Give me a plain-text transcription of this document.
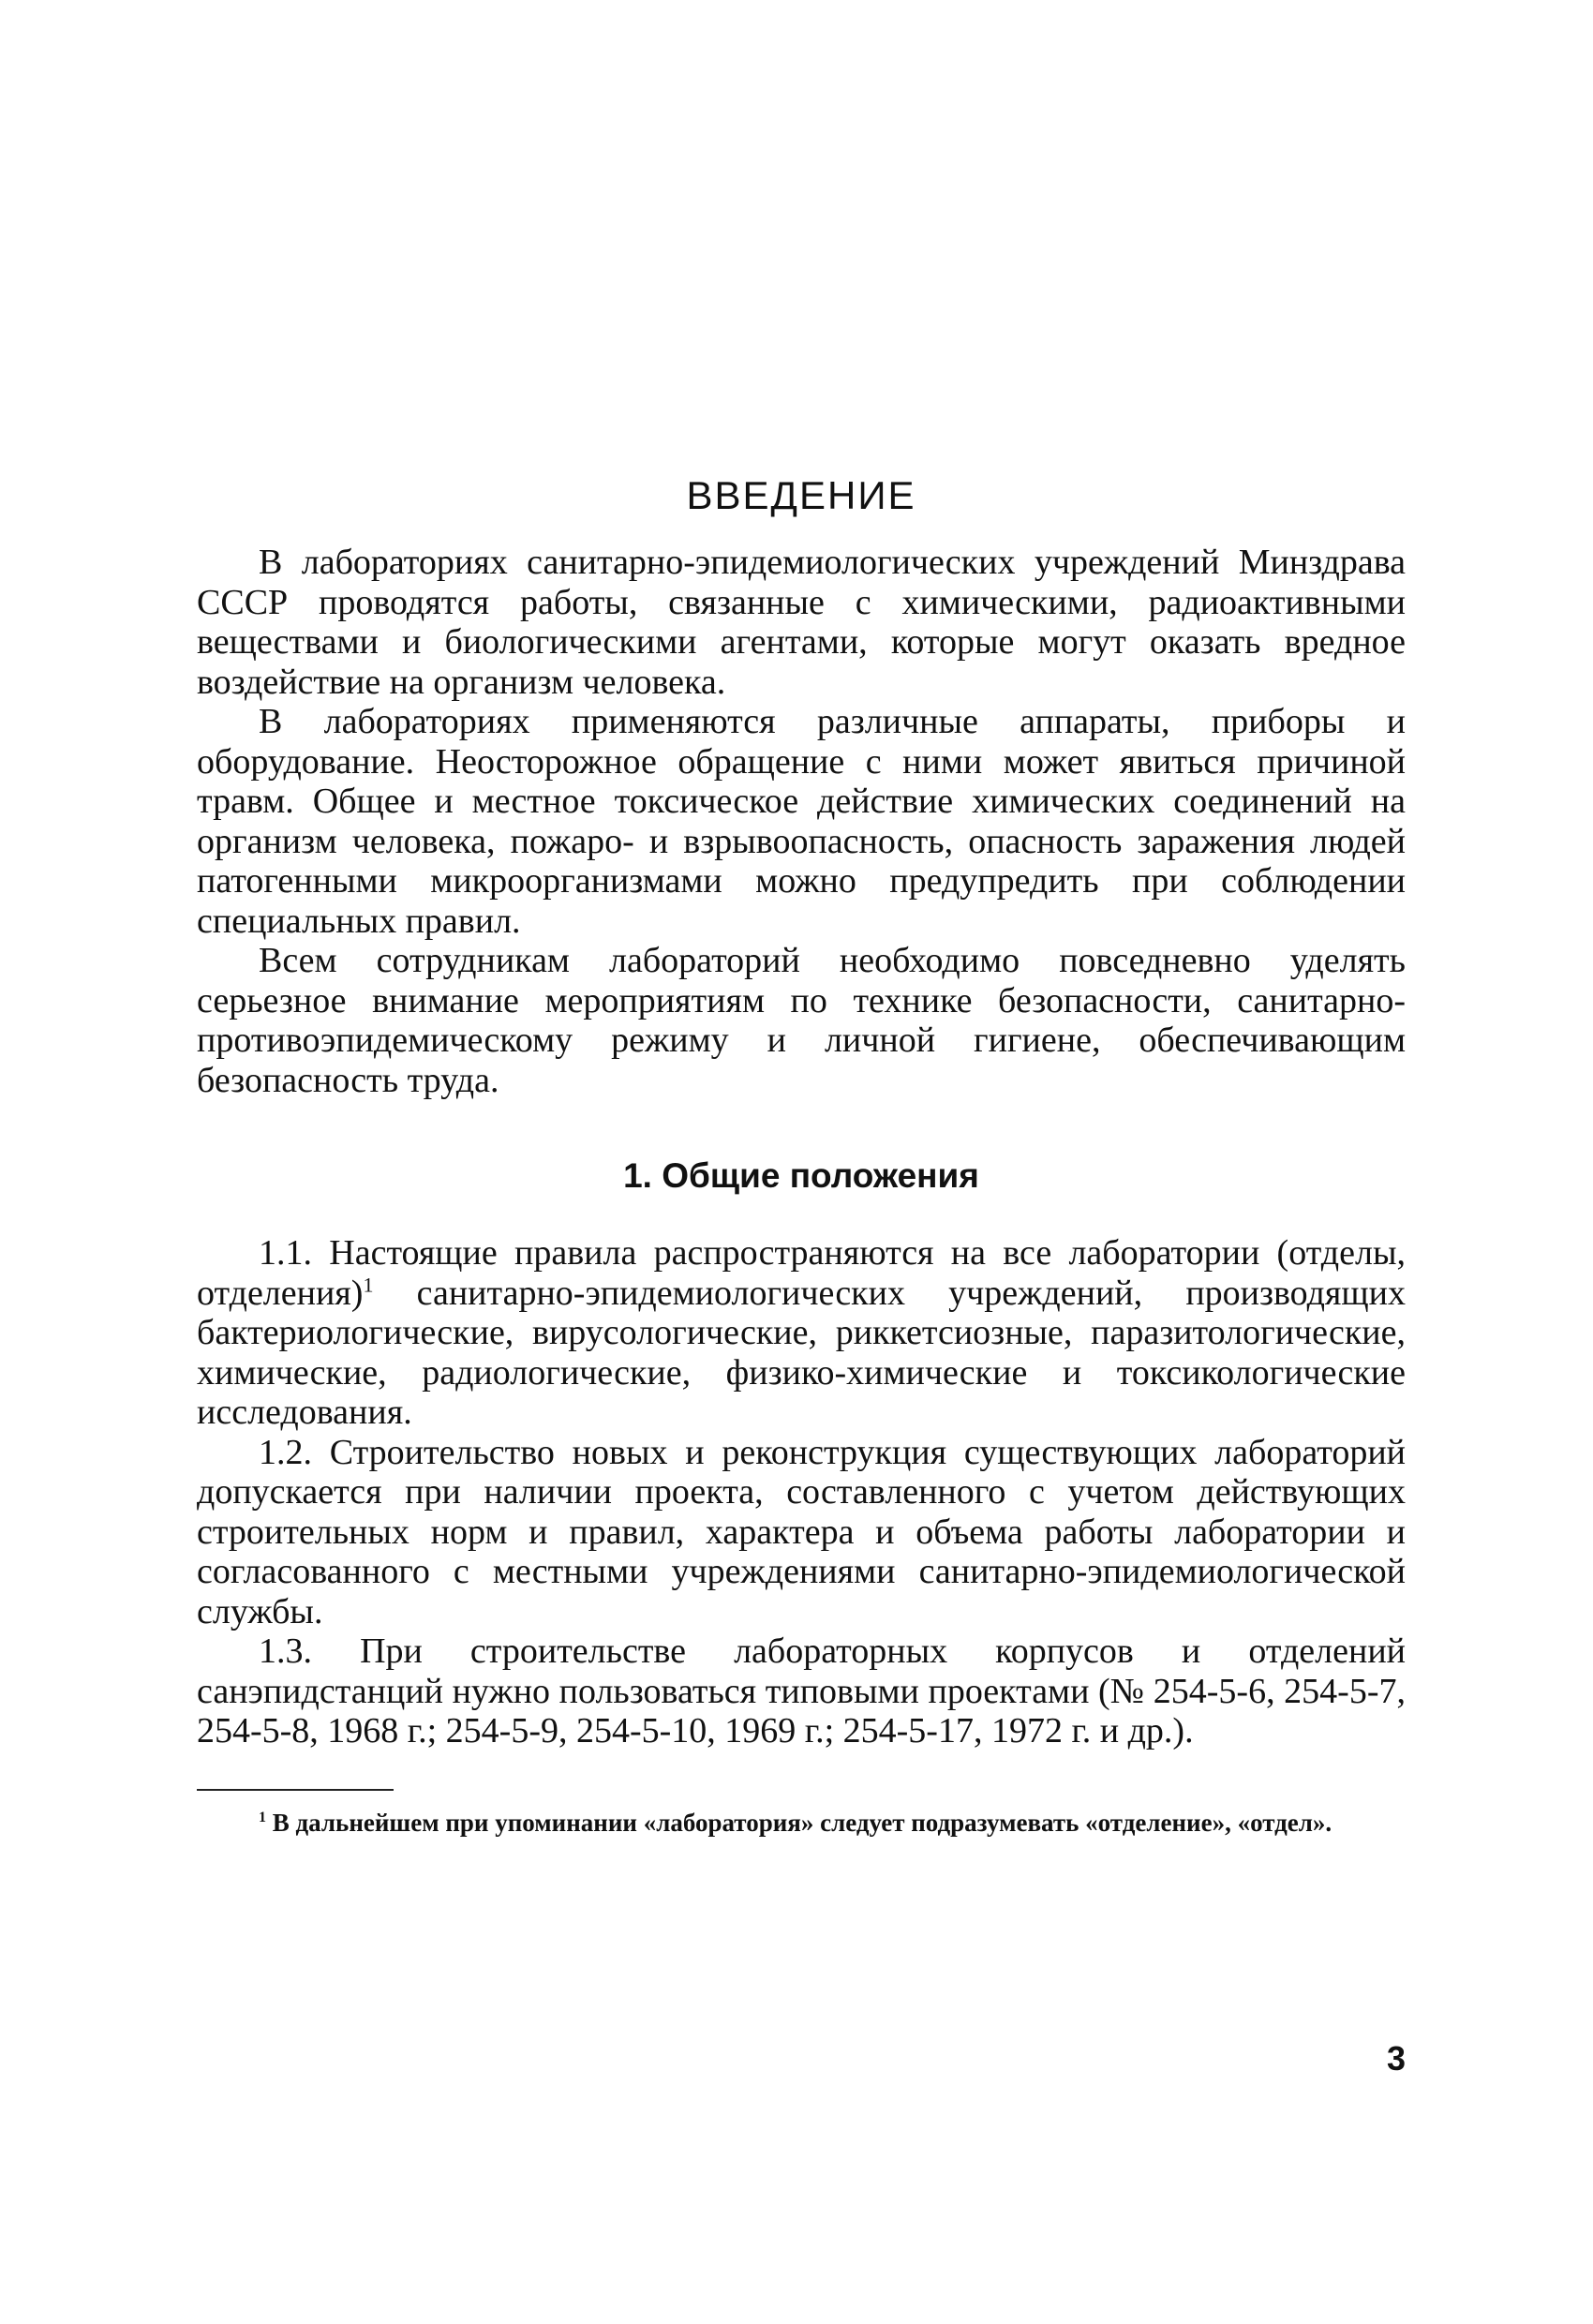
ВВЕДЕНИЕ

В лабораториях санитарно-эпидемиологических учреждений Минздрава СССР проводятся работы, связанные с химическими, радиоактивными веществами и биологическими агентами, которые могут оказать вредное воздействие на организм человека.

В лабораториях применяются различные аппараты, приборы и оборудование. Неосторожное обращение с ними может явиться причиной травм. Общее и местное токсическое действие химических соединений на организм человека, пожаро- и взрывоопасность, опасность заражения людей патогенными микроорганизмами можно предупредить при соблюдении специальных правил.

Всем сотрудникам лабораторий необходимо повседневно уделять серьезное внимание мероприятиям по технике безопасности, санитарно-противоэпидемическому режиму и личной гигиене, обеспечивающим безопасность труда.

1. Общие положения

1.1. Настоящие правила распространяются на все лаборатории (отделы, отделения)$^1$ санитарно-эпидемиологических учреждений, производящих бактериологические, вирусологические, риккетсиозные, паразитологические, химические, радиологические, физико-химические и токсикологические исследования.

1.2. Строительство новых и реконструкция существующих лабораторий допускается при наличии проекта, составленного с учетом действующих строительных норм и правил, характера и объема работы лаборатории и согласованного с местными учреждениями санитарно-эпидемиологической службы.

1.3. При строительстве лабораторных корпусов и отделений санэпидстанций нужно пользоваться типовыми проектами (№ 254-5-6, 254-5-7, 254-5-8, 1968 г.; 254-5-9, 254-5-10, 1969 г.; 254-5-17, 1972 г. и др.).

$^1$ В дальнейшем при упоминании «лаборатория» следует подразумевать «отделение», «отдел».

3
